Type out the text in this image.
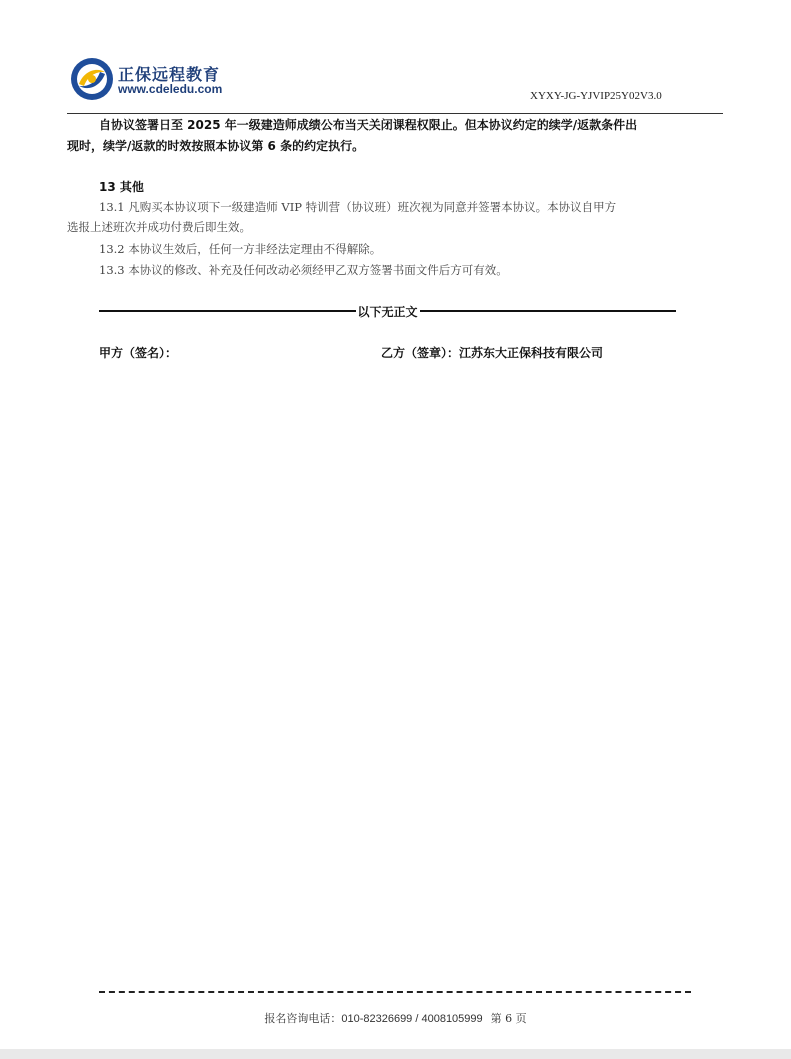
正保远程教育
www.cdeledu.com	XYXY-JG-YJVIP25Y02V3.0
自协议签署日至 2025 年一级建造师成绩公布当天关闭课程权限止。但本协议约定的续学/返款条件出
现时，续学/返款的时效按照本协议第 6 条的约定执行。
13 其他
13.1 凡购买本协议项下一级建造师 VIP 特训营（协议班）班次视为同意并签署本协议。本协议自甲方
选报上述班次并成功付费后即生效。
13.2 本协议生效后，任何一方非经法定理由不得解除。
13.3 本协议的修改、补充及任何改动必须经甲乙双方签署书面文件后方可有效。
以下无正文
甲方（签名）：	乙方（签章）：江苏东大正保科技有限公司
报名咨询电话：010-82326699 / 4008105999 第 6 页
